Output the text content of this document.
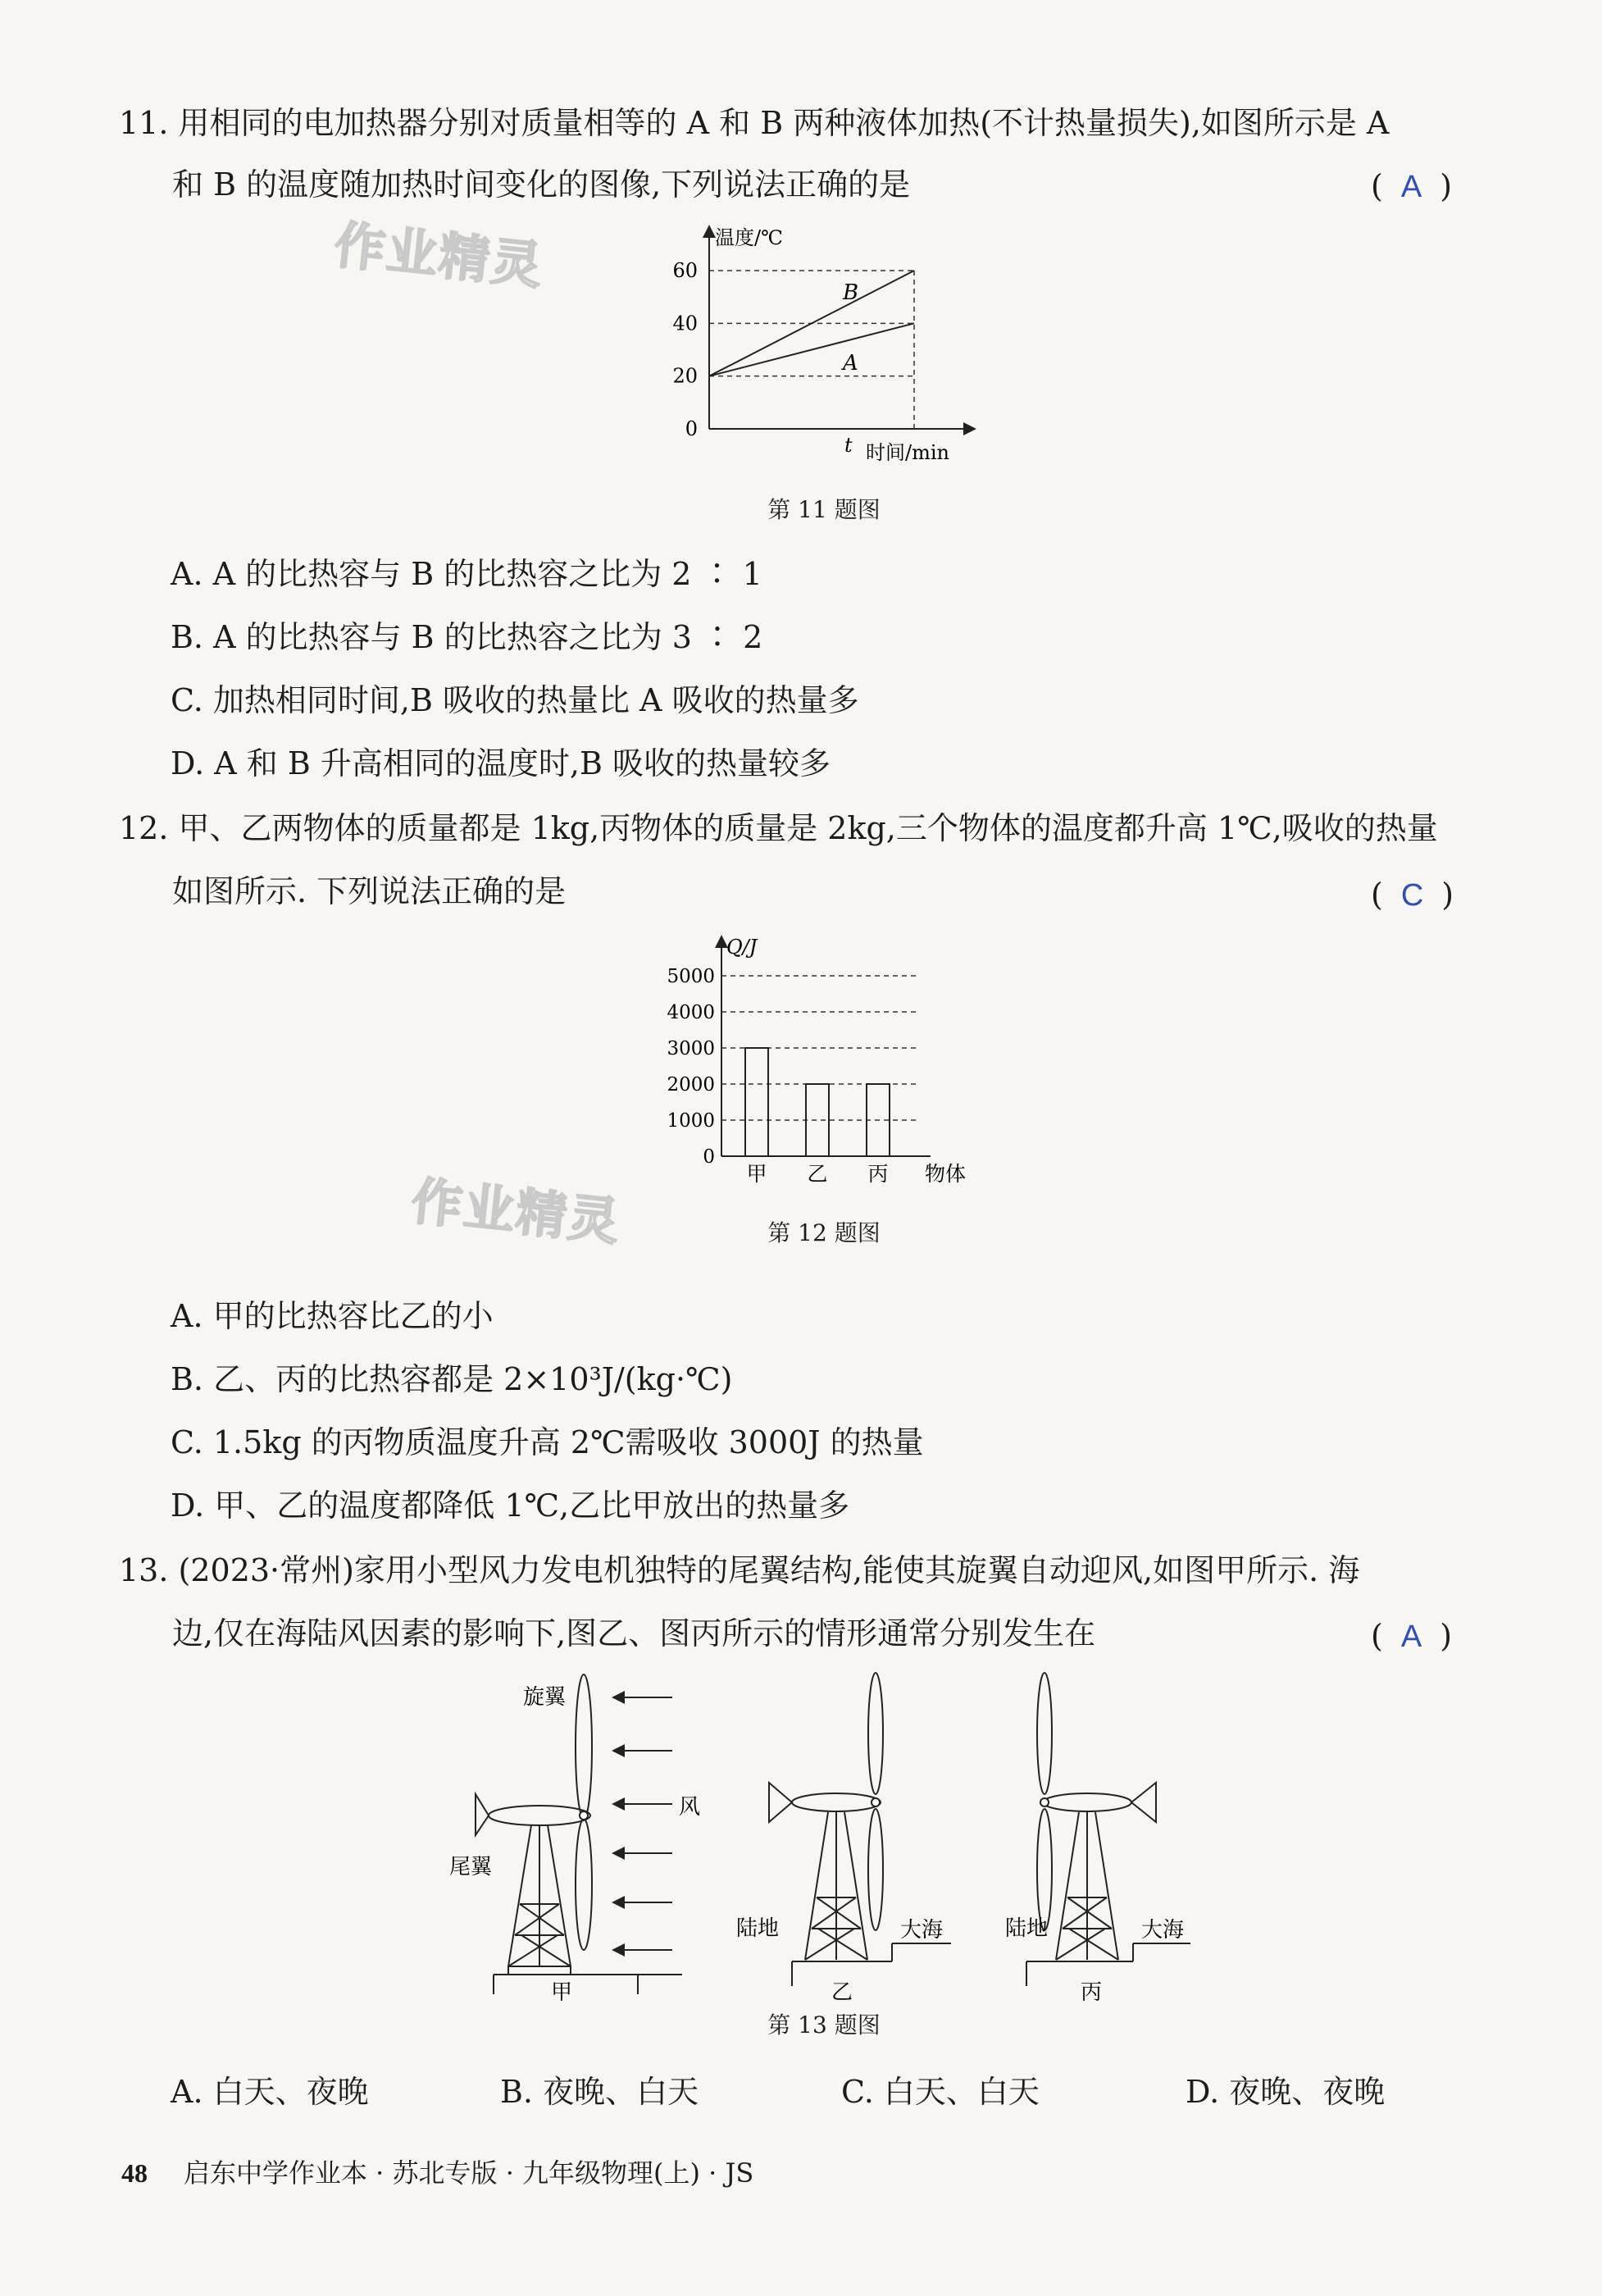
作业精灵
作业精灵
11. 用相同的电加热器分别对质量相等的 A 和 B 两种液体加热(不计热量损失),如图所示是 A
和 B 的温度随加热时间变化的图像,下列说法正确的是	( A )
0
20
40
60
B
A
温度/℃
时间/min
t
第 11 题图
A. A 的比热容与 B 的比热容之比为 2 ∶ 1
B. A 的比热容与 B 的比热容之比为 3 ∶ 2
C. 加热相同时间,B 吸收的热量比 A 吸收的热量多
D. A 和 B 升高相同的温度时,B 吸收的热量较多
12. 甲、乙两物体的质量都是 1kg,丙物体的质量是 2kg,三个物体的温度都升高 1℃,吸收的热量
如图所示. 下列说法正确的是	( C )
0
1000
2000
3000
4000
5000
甲 乙 丙
Q/J
物体
第 12 题图
A. 甲的比热容比乙的小
B. 乙、丙的比热容都是 2×10³J/(kg·℃)
C. 1.5kg 的丙物质温度升高 2℃需吸收 3000J 的热量
D. 甲、乙的温度都降低 1℃,乙比甲放出的热量多
13. (2023·常州)家用小型风力发电机独特的尾翼结构,能使其旋翼自动迎风,如图甲所示. 海
边,仅在海陆风因素的影响下,图乙、图丙所示的情形通常分别发生在	( A )
旋翼
风
尾翼
甲
陆地	大海
乙
陆地	大海
丙
第 13 题图
A. 白天、夜晚	B. 夜晚、白天	C. 白天、白天	D. 夜晚、夜晚
48 启东中学作业本 · 苏北专版 · 九年级物理(上) · JS
